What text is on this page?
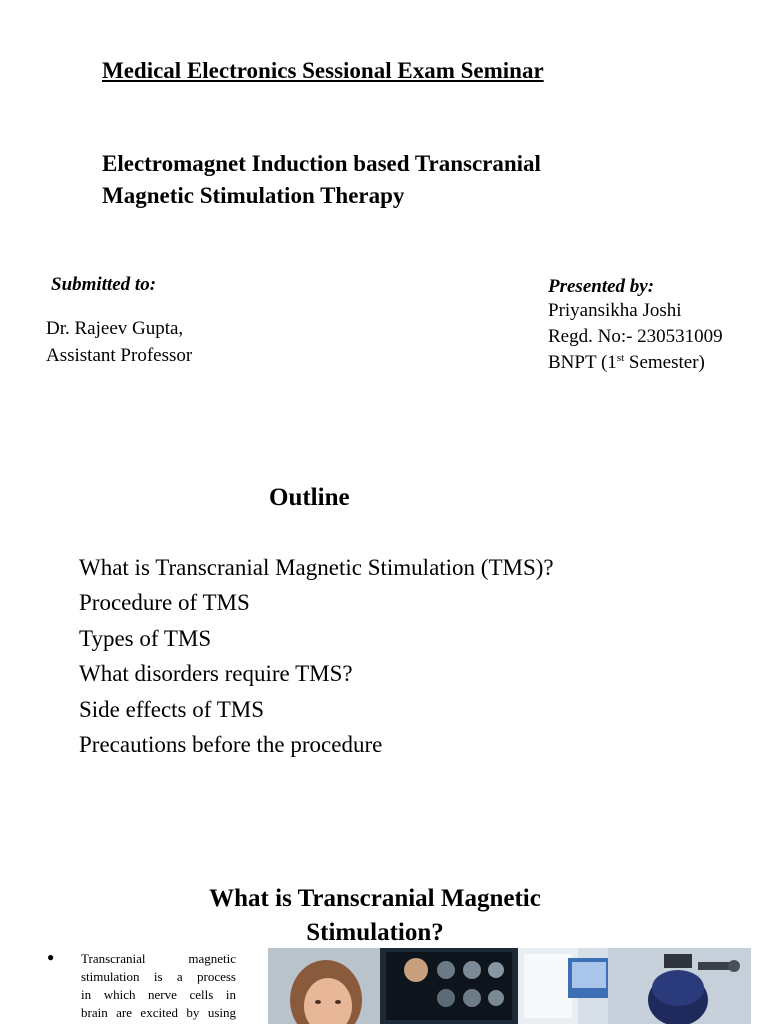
Medical Electronics Sessional Exam Seminar
Electromagnet Induction based Transcranial
Magnetic Stimulation Therapy
Submitted to:
Dr. Rajeev Gupta,
Assistant Professor
Presented by:
Priyansikha Joshi
Regd. No:- 230531009
BNPT (1st Semester)
Outline
What is Transcranial Magnetic Stimulation (TMS)?
Procedure of TMS
Types of TMS
What disorders require TMS?
Side effects of TMS
Precautions before the procedure
What is Transcranial Magnetic
Stimulation?
● Transcranial magnetic
stimulation is a process
in which nerve cells in
brain are excited by using
